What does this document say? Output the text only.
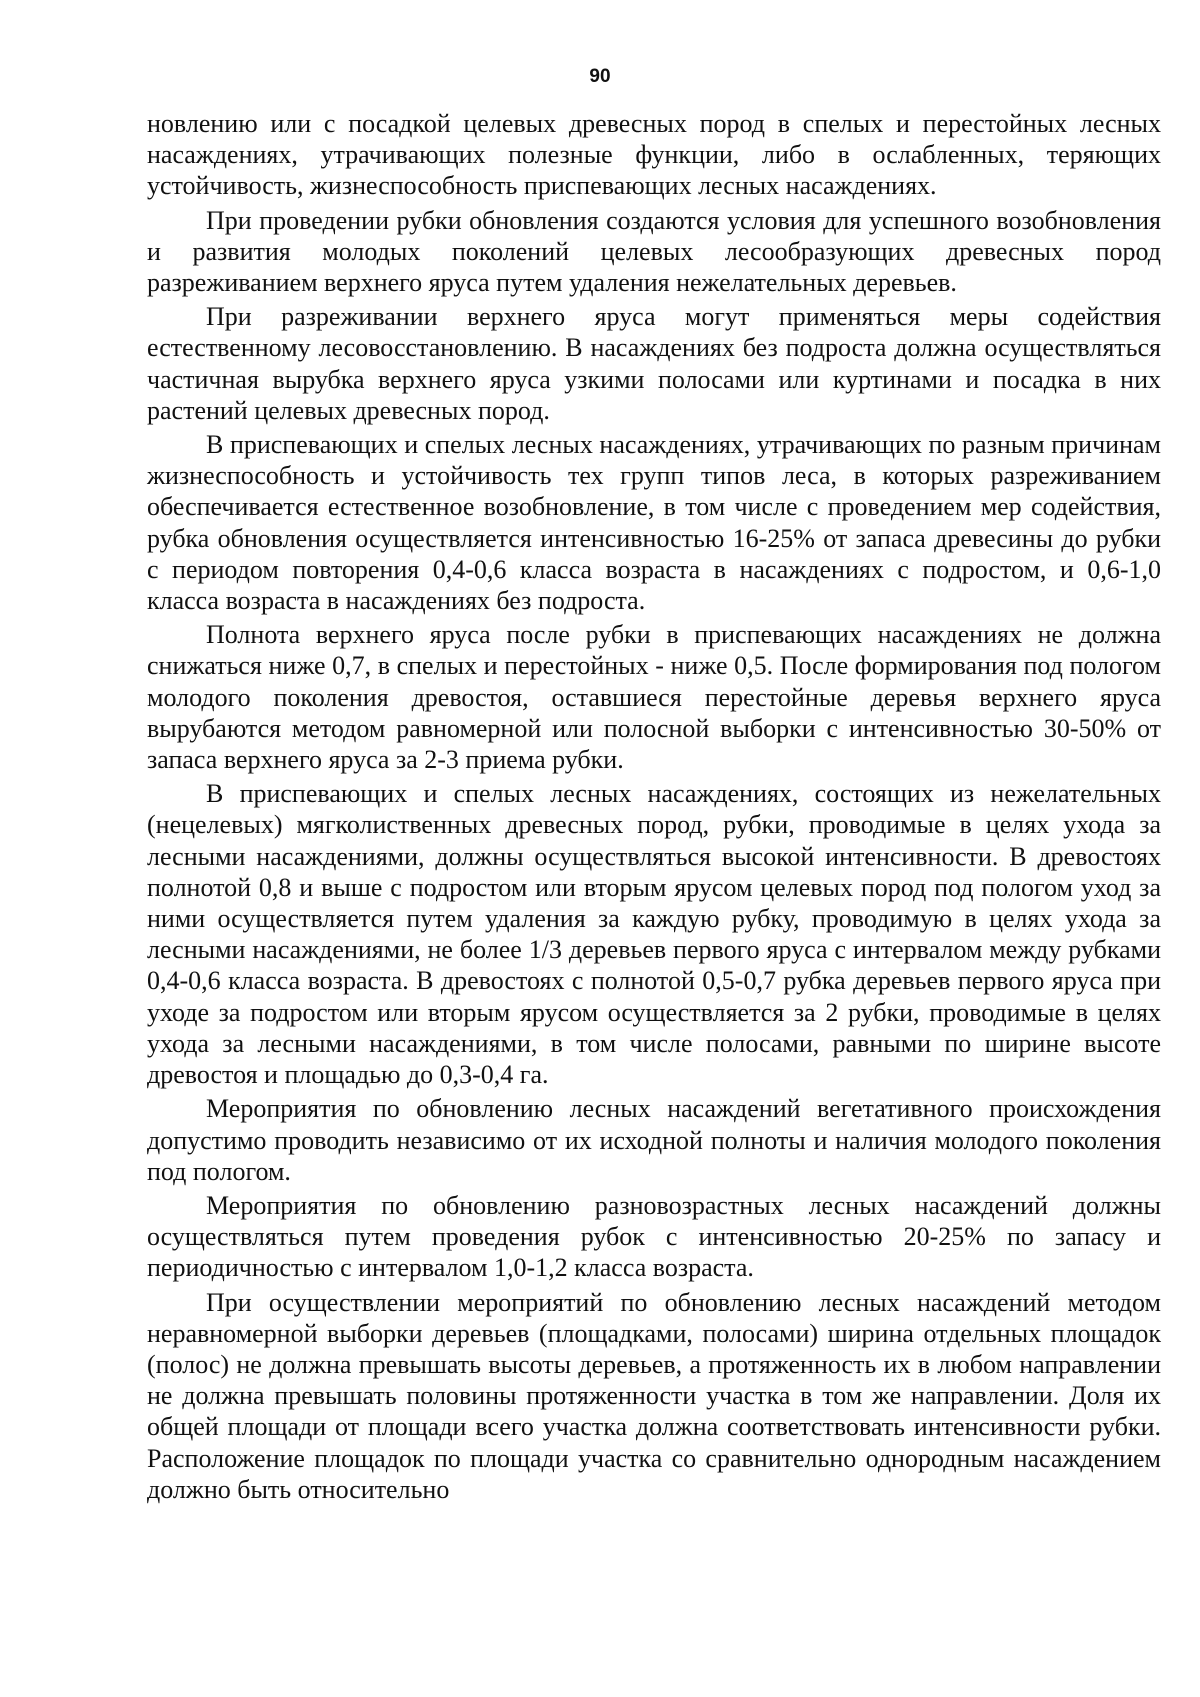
90

новлению или с посадкой целевых древесных пород в спелых и перестойных лесных насаждениях, утрачивающих полезные функции, либо в ослабленных, теряющих устойчивость, жизнеспособность приспевающих лесных насаждениях.

При проведении рубки обновления создаются условия для успешного возобновления и развития молодых поколений целевых лесообразующих древесных пород разреживанием верхнего яруса путем удаления нежелательных деревьев.

При разреживании верхнего яруса могут применяться меры содействия естественному лесовосстановлению. В насаждениях без подроста должна осуществляться частичная вырубка верхнего яруса узкими полосами или куртинами и посадка в них растений целевых древесных пород.

В приспевающих и спелых лесных насаждениях, утрачивающих по разным причинам жизнеспособность и устойчивость тех групп типов леса, в которых разреживанием обеспечивается естественное возобновление, в том числе с проведением мер содействия, рубка обновления осуществляется интенсивностью 16-25% от запаса древесины до рубки с периодом повторения 0,4-0,6 класса возраста в насаждениях с подростом, и 0,6-1,0 класса возраста в насаждениях без подроста.

Полнота верхнего яруса после рубки в приспевающих насаждениях не должна снижаться ниже 0,7, в спелых и перестойных - ниже 0,5. После формирования под пологом молодого поколения древостоя, оставшиеся перестойные деревья верхнего яруса вырубаются методом равномерной или полосной выборки с интенсивностью 30-50% от запаса верхнего яруса за 2-3 приема рубки.

В приспевающих и спелых лесных насаждениях, состоящих из нежелательных (нецелевых) мягколиственных древесных пород, рубки, проводимые в целях ухода за лесными насаждениями, должны осуществляться высокой интенсивности. В древостоях полнотой 0,8 и выше с подростом или вторым ярусом целевых пород под пологом уход за ними осуществляется путем удаления за каждую рубку, проводимую в целях ухода за лесными насаждениями, не более 1/3 деревьев первого яруса с интервалом между рубками 0,4-0,6 класса возраста. В древостоях с полнотой 0,5-0,7 рубка деревьев первого яруса при уходе за подростом или вторым ярусом осуществляется за 2 рубки, проводимые в целях ухода за лесными насаждениями, в том числе полосами, равными по ширине высоте древостоя и площадью до 0,3-0,4 га.

Мероприятия по обновлению лесных насаждений вегетативного происхождения допустимо проводить независимо от их исходной полноты и наличия молодого поколения под пологом.

Мероприятия по обновлению разновозрастных лесных насаждений должны осуществляться путем проведения рубок с интенсивностью 20-25% по запасу и периодичностью с интервалом 1,0-1,2 класса возраста.

При осуществлении мероприятий по обновлению лесных насаждений методом неравномерной выборки деревьев (площадками, полосами) ширина отдельных площадок (полос) не должна превышать высоты деревьев, а протяженность их в любом направлении не должна превышать половины протяженности участка в том же направлении. Доля их общей площади от площади всего участка должна соответствовать интенсивности рубки. Расположение площадок по площади участка со сравнительно однородным насаждением должно быть относительно
